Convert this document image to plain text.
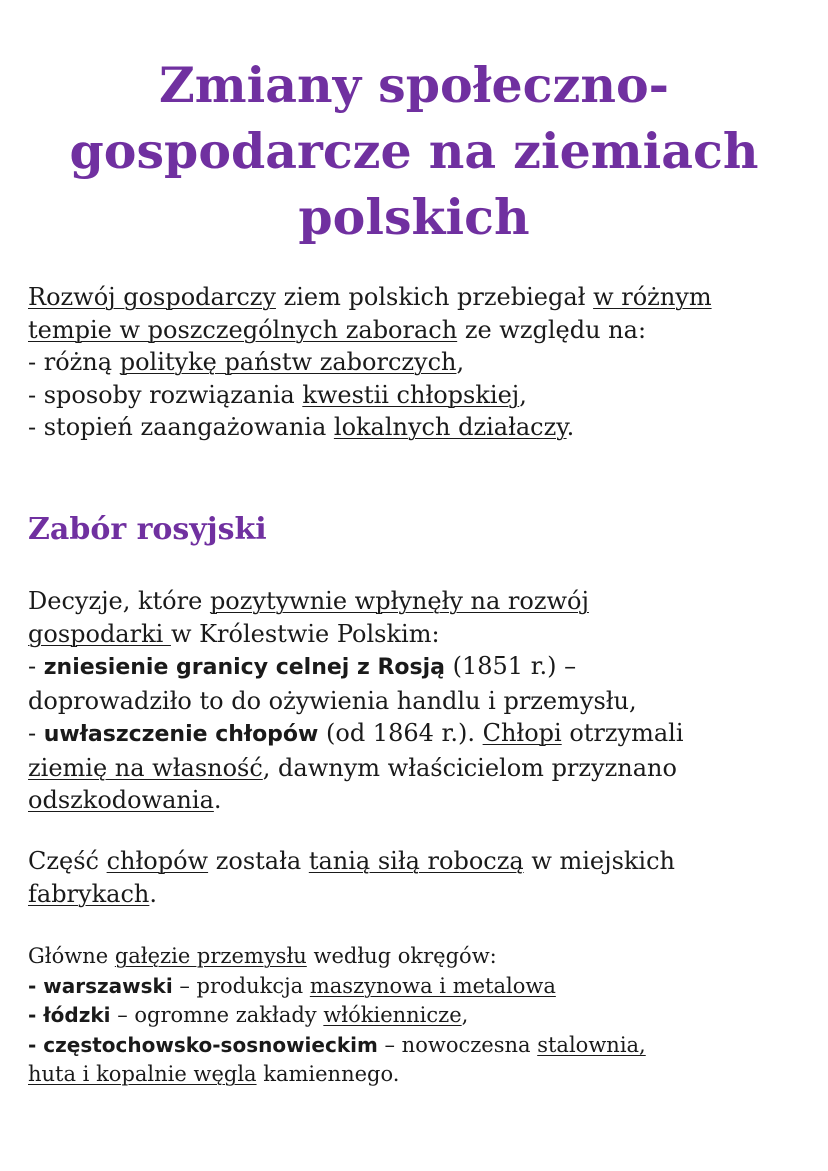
Zmiany społeczno-
gospodarcze na ziemiach
polskich

Rozwój gospodarczy ziem polskich przebiegał w różnym
tempie w poszczególnych zaborach ze względu na:
- różną politykę państw zaborczych,
- sposoby rozwiązania kwestii chłopskiej,
- stopień zaangażowania lokalnych działaczy.

Zabór rosyjski

Decyzje, które pozytywnie wpłynęły na rozwój
gospodarki w Królestwie Polskim:
- zniesienie granicy celnej z Rosją (1851 r.) –
doprowadziło to do ożywienia handlu i przemysłu,
- uwłaszczenie chłopów (od 1864 r.). Chłopi otrzymali
ziemię na własność, dawnym właścicielom przyznano
odszkodowania.

Część chłopów została tanią siłą roboczą w miejskich
fabrykach.

Główne gałęzie przemysłu według okręgów:
- warszawski – produkcja maszynowa i metalowa
- łódzki – ogromne zakłady włókiennicze,
- częstochowsko-sosnowieckim – nowoczesna stalownia,
huta i kopalnie węgla kamiennego.
